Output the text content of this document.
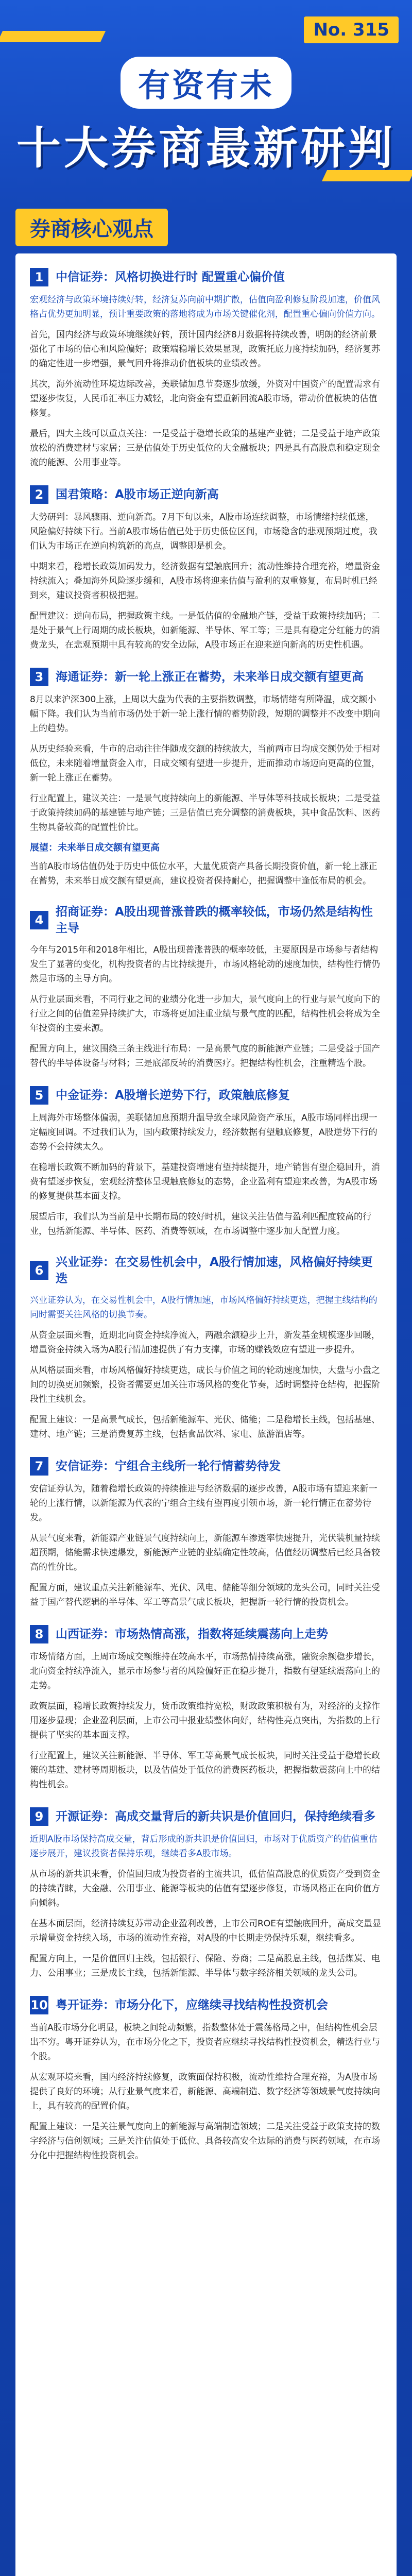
No. 315
有资有未
十大券商最新研判
券商核心观点
1	中信证券：风格切换进行时 配置重心偏价值

宏观经济与政策环境持续好转，经济复苏向前中期扩散，估值向盈利修复阶段加速，价值风格占优势更加明显，预计重要政策的落地将成为市场关键催化剂，配置重心偏向价值方向。

首先，国内经济与政策环境继续好转，预计国内经济8月数据将持续改善，明朗的经济前景强化了市场的信心和风险偏好；政策端稳增长效果显现，政策托底力度持续加码，经济复苏的确定性进一步增强，景气回升将推动价值板块的业绩改善。

其次，海外流动性环境边际改善，美联储加息节奏逐步放缓，外资对中国资产的配置需求有望逐步恢复，人民币汇率压力减轻，北向资金有望重新回流A股市场，带动价值板块的估值修复。

最后，四大主线可以重点关注：一是受益于稳增长政策的基建产业链；二是受益于地产政策放松的消费建材与家居；三是估值处于历史低位的大金融板块；四是具有高股息和稳定现金流的能源、公用事业等。

2	国君策略：A股市场正逆向新高

大势研判：暴风骤雨、逆向新高。7月下旬以来，A股市场连续调整，市场情绪持续低迷，风险偏好持续下行。当前A股市场估值已处于历史低位区间，市场隐含的悲观预期过度，我们认为市场正在逆向构筑新的高点，调整即是机会。

中期来看，稳增长政策加码发力，经济数据有望触底回升；流动性维持合理充裕，增量资金持续流入；叠加海外风险逐步缓和，A股市场将迎来估值与盈利的双重修复，布局时机已经到来，建议投资者积极把握。

配置建议：逆向布局，把握政策主线。一是低估值的金融地产链，受益于政策持续加码；二是处于景气上行周期的成长板块，如新能源、半导体、军工等；三是具有稳定分红能力的消费龙头，在悲观预期中具有较高的安全边际，A股市场正在迎来逆向新高的历史性机遇。

3	海通证券：新一轮上涨正在蓄势，未来举日成交额有望更高

8月以来沪深300上涨，上周以大盘为代表的主要指数调整，市场情绪有所降温，成交额小幅下降。我们认为当前市场仍处于新一轮上涨行情的蓄势阶段，短期的调整并不改变中期向上的趋势。

从历史经验来看，牛市的启动往往伴随成交额的持续放大，当前两市日均成交额仍处于相对低位，未来随着增量资金入市，日成交额有望进一步提升，进而推动市场迈向更高的位置，新一轮上涨正在蓄势。

行业配置上，建议关注：一是景气度持续向上的新能源、半导体等科技成长板块；二是受益于政策持续加码的基建链与地产链；三是估值已充分调整的消费板块，其中食品饮料、医药生物具备较高的配置性价比。

展望：未来举日成交额有望更高

当前A股市场估值仍处于历史中低位水平，大量优质资产具备长期投资价值，新一轮上涨正在蓄势，未来举日成交额有望更高，建议投资者保持耐心，把握调整中逢低布局的机会。

4
招商证券：A股出现普涨普跌的概率较低，市场仍然是结构性主导

今年与2015年和2018年相比，A股出现普涨普跌的概率较低，主要原因是市场参与者结构发生了显著的变化，机构投资者的占比持续提升，市场风格轮动的速度加快，结构性行情仍然是市场的主导方向。

从行业层面来看，不同行业之间的业绩分化进一步加大，景气度向上的行业与景气度向下的行业之间的估值差异持续扩大，市场将更加注重业绩与景气度的匹配，结构性机会将成为全年投资的主要来源。

配置方向上，建议围绕三条主线进行布局：一是高景气度的新能源产业链；二是受益于国产替代的半导体设备与材料；三是底部反转的消费医疗。把握结构性机会，注重精选个股。

5	中金证券：A股增长逆势下行，政策触底修复

上周海外市场整体偏弱，美联储加息预期升温导致全球风险资产承压，A股市场同样出现一定幅度回调。不过我们认为，国内政策持续发力，经济数据有望触底修复，A股逆势下行的态势不会持续太久。

在稳增长政策不断加码的背景下，基建投资增速有望持续提升，地产销售有望企稳回升，消费有望逐步恢复，宏观经济整体呈现触底修复的态势，企业盈利有望迎来改善，为A股市场的修复提供基本面支撑。

展望后市，我们认为当前是中长期布局的较好时机，建议关注估值与盈利匹配度较高的行业，包括新能源、半导体、医药、消费等领域，在市场调整中逐步加大配置力度。

6
兴业证券：在交易性机会中，A股行情加速，风格偏好持续更迭

兴业证券认为，在交易性机会中，A股行情加速，市场风格偏好持续更迭，把握主线结构的同时需要关注风格的切换节奏。

从资金层面来看，近期北向资金持续净流入，两融余额稳步上升，新发基金规模逐步回暖，增量资金持续入场为A股行情加速提供了有力支撑，市场的赚钱效应有望进一步提升。

从风格层面来看，市场风格偏好持续更迭，成长与价值之间的轮动速度加快，大盘与小盘之间的切换更加频繁，投资者需要更加关注市场风格的变化节奏，适时调整持仓结构，把握阶段性主线机会。

配置上建议：一是高景气成长，包括新能源车、光伏、储能；二是稳增长主线，包括基建、建材、地产链；三是消费复苏主线，包括食品饮料、家电、旅游酒店等。

7	安信证券：宁组合主线所一轮行情蓄势待发

安信证券认为，随着稳增长政策的持续推进与经济数据的逐步改善，A股市场有望迎来新一轮的上涨行情，以新能源为代表的宁组合主线有望再度引领市场，新一轮行情正在蓄势待发。

从景气度来看，新能源产业链景气度持续向上，新能源车渗透率快速提升，光伏装机量持续超预期，储能需求快速爆发，新能源产业链的业绩确定性较高，估值经历调整后已经具备较高的性价比。

配置方面，建议重点关注新能源车、光伏、风电、储能等细分领域的龙头公司，同时关注受益于国产替代逻辑的半导体、军工等高景气成长板块，把握新一轮行情的投资机会。

8	山西证券：市场热情高涨，指数将延续震荡向上走势

市场情绪方面，上周市场成交额维持在较高水平，市场热情持续高涨，融资余额稳步增长，北向资金持续净流入，显示市场参与者的风险偏好正在稳步提升，指数有望延续震荡向上的走势。

政策层面，稳增长政策持续发力，货币政策维持宽松，财政政策积极有为，对经济的支撑作用逐步显现；企业盈利层面，上市公司中报业绩整体向好，结构性亮点突出，为指数的上行提供了坚实的基本面支撑。

行业配置上，建议关注新能源、半导体、军工等高景气成长板块，同时关注受益于稳增长政策的基建、建材等周期板块，以及估值处于低位的消费医药板块，把握指数震荡向上中的结构性机会。

9	开源证券：高成交量背后的新共识是价值回归，保持绝续看多

近期A股市场保持高成交量，背后形成的新共识是价值回归，市场对于优质资产的估值重估逐步展开，建议投资者保持乐观，继续看多A股市场。

从市场的新共识来看，价值回归成为投资者的主流共识，低估值高股息的优质资产受到资金的持续青睐，大金融、公用事业、能源等板块的估值有望逐步修复，市场风格正在向价值方向倾斜。

在基本面层面，经济持续复苏带动企业盈利改善，上市公司ROE有望触底回升，高成交量显示增量资金持续入场，市场的流动性充裕，对A股的中长期走势保持乐观，继续看多。

配置方向上，一是价值回归主线，包括银行、保险、券商；二是高股息主线，包括煤炭、电力、公用事业；三是成长主线，包括新能源、半导体与数字经济相关领域的龙头公司。

10 粤开证券：市场分化下，应继续寻找结构性投资机会

当前A股市场分化明显，板块之间轮动频繁，指数整体处于震荡格局之中，但结构性机会层出不穷。粤开证券认为，在市场分化之下，投资者应继续寻找结构性投资机会，精选行业与个股。

从宏观环境来看，国内经济持续修复，政策面保持积极，流动性维持合理充裕，为A股市场提供了良好的环境；从行业景气度来看，新能源、高端制造、数字经济等领域景气度持续向上，具有较高的配置价值。

配置上建议：一是关注景气度向上的新能源与高端制造领域；二是关注受益于政策支持的数字经济与信创领域；三是关注估值处于低位、具备较高安全边际的消费与医药领域，在市场分化中把握结构性投资机会。
